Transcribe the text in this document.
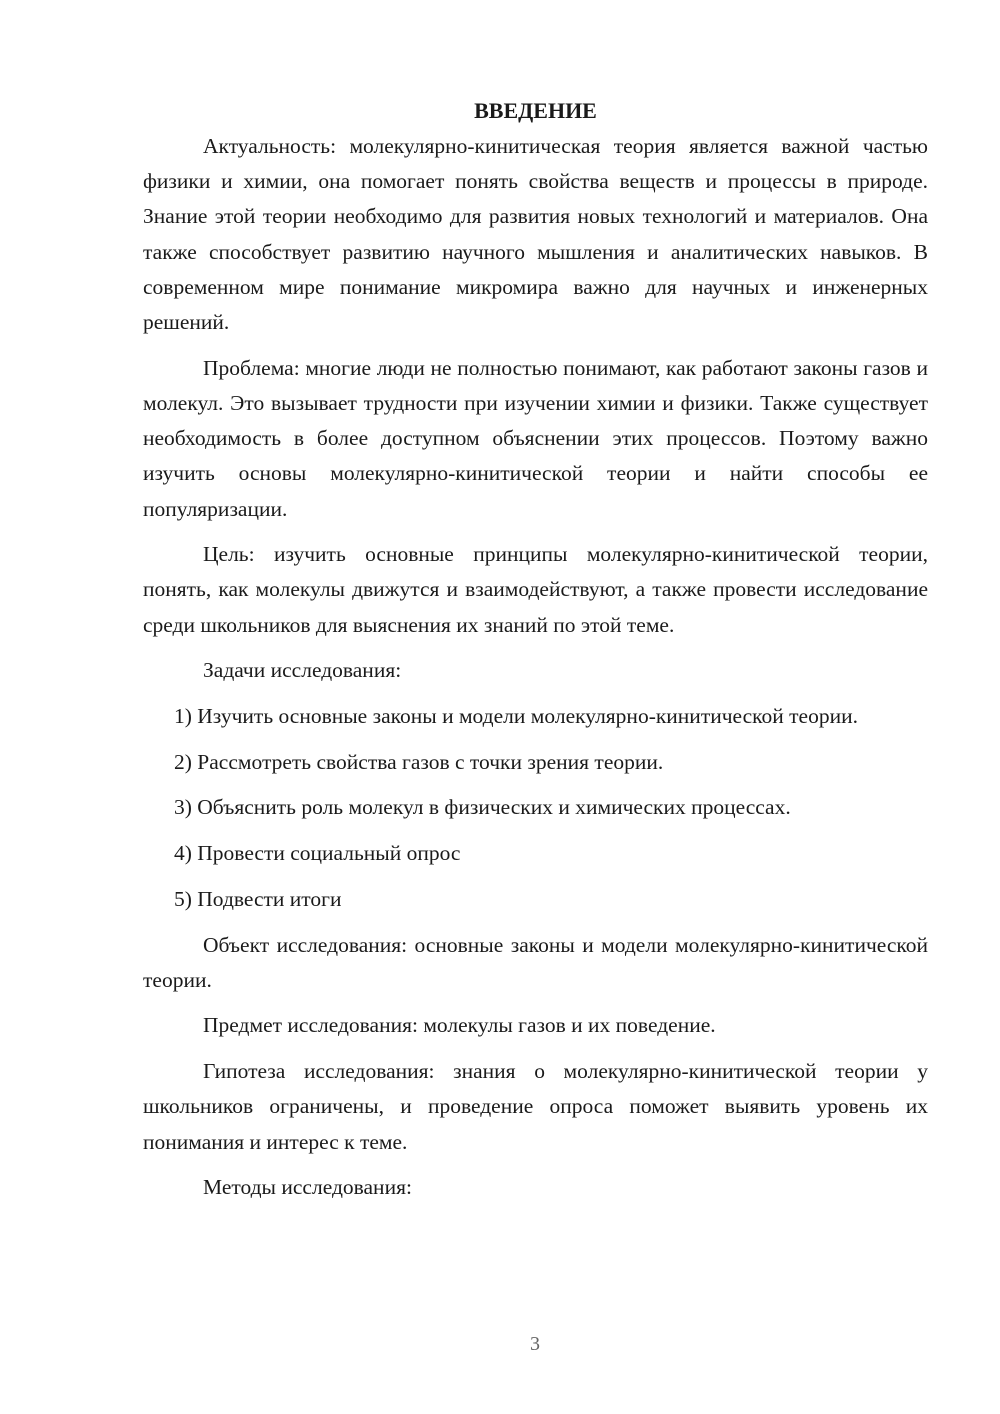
ВВЕДЕНИЕ

Актуальность: молекулярно-кинитическая теория является важной частью физики и химии, она помогает понять свойства веществ и процессы в природе. Знание этой теории необходимо для развития новых технологий и материалов. Она также способствует развитию научного мышления и аналитических навыков. В современном мире понимание микромира важно для научных и инженерных решений.

Проблема: многие люди не полностью понимают, как работают законы газов и молекул. Это вызывает трудности при изучении химии и физики. Также существует необходимость в более доступном объяснении этих процессов. Поэтому важно изучить основы молекулярно-кинитической теории и найти способы ее популяризации.

Цель: изучить основные принципы молекулярно-кинитической теории, понять, как молекулы движутся и взаимодействуют, а также провести исследование среди школьников для выяснения их знаний по этой теме.

Задачи исследования:

1) Изучить основные законы и модели молекулярно-кинитической теории.

2) Рассмотреть свойства газов с точки зрения теории.

3) Объяснить роль молекул в физических и химических процессах.

4) Провести социальный опрос

5) Подвести итоги

Объект исследования: основные законы и модели молекулярно-кинитической теории.

Предмет исследования: молекулы газов и их поведение.

Гипотеза исследования: знания о молекулярно-кинитической теории у школьников ограничены, и проведение опроса поможет выявить уровень их понимания и интерес к теме.

Методы исследования:

3
